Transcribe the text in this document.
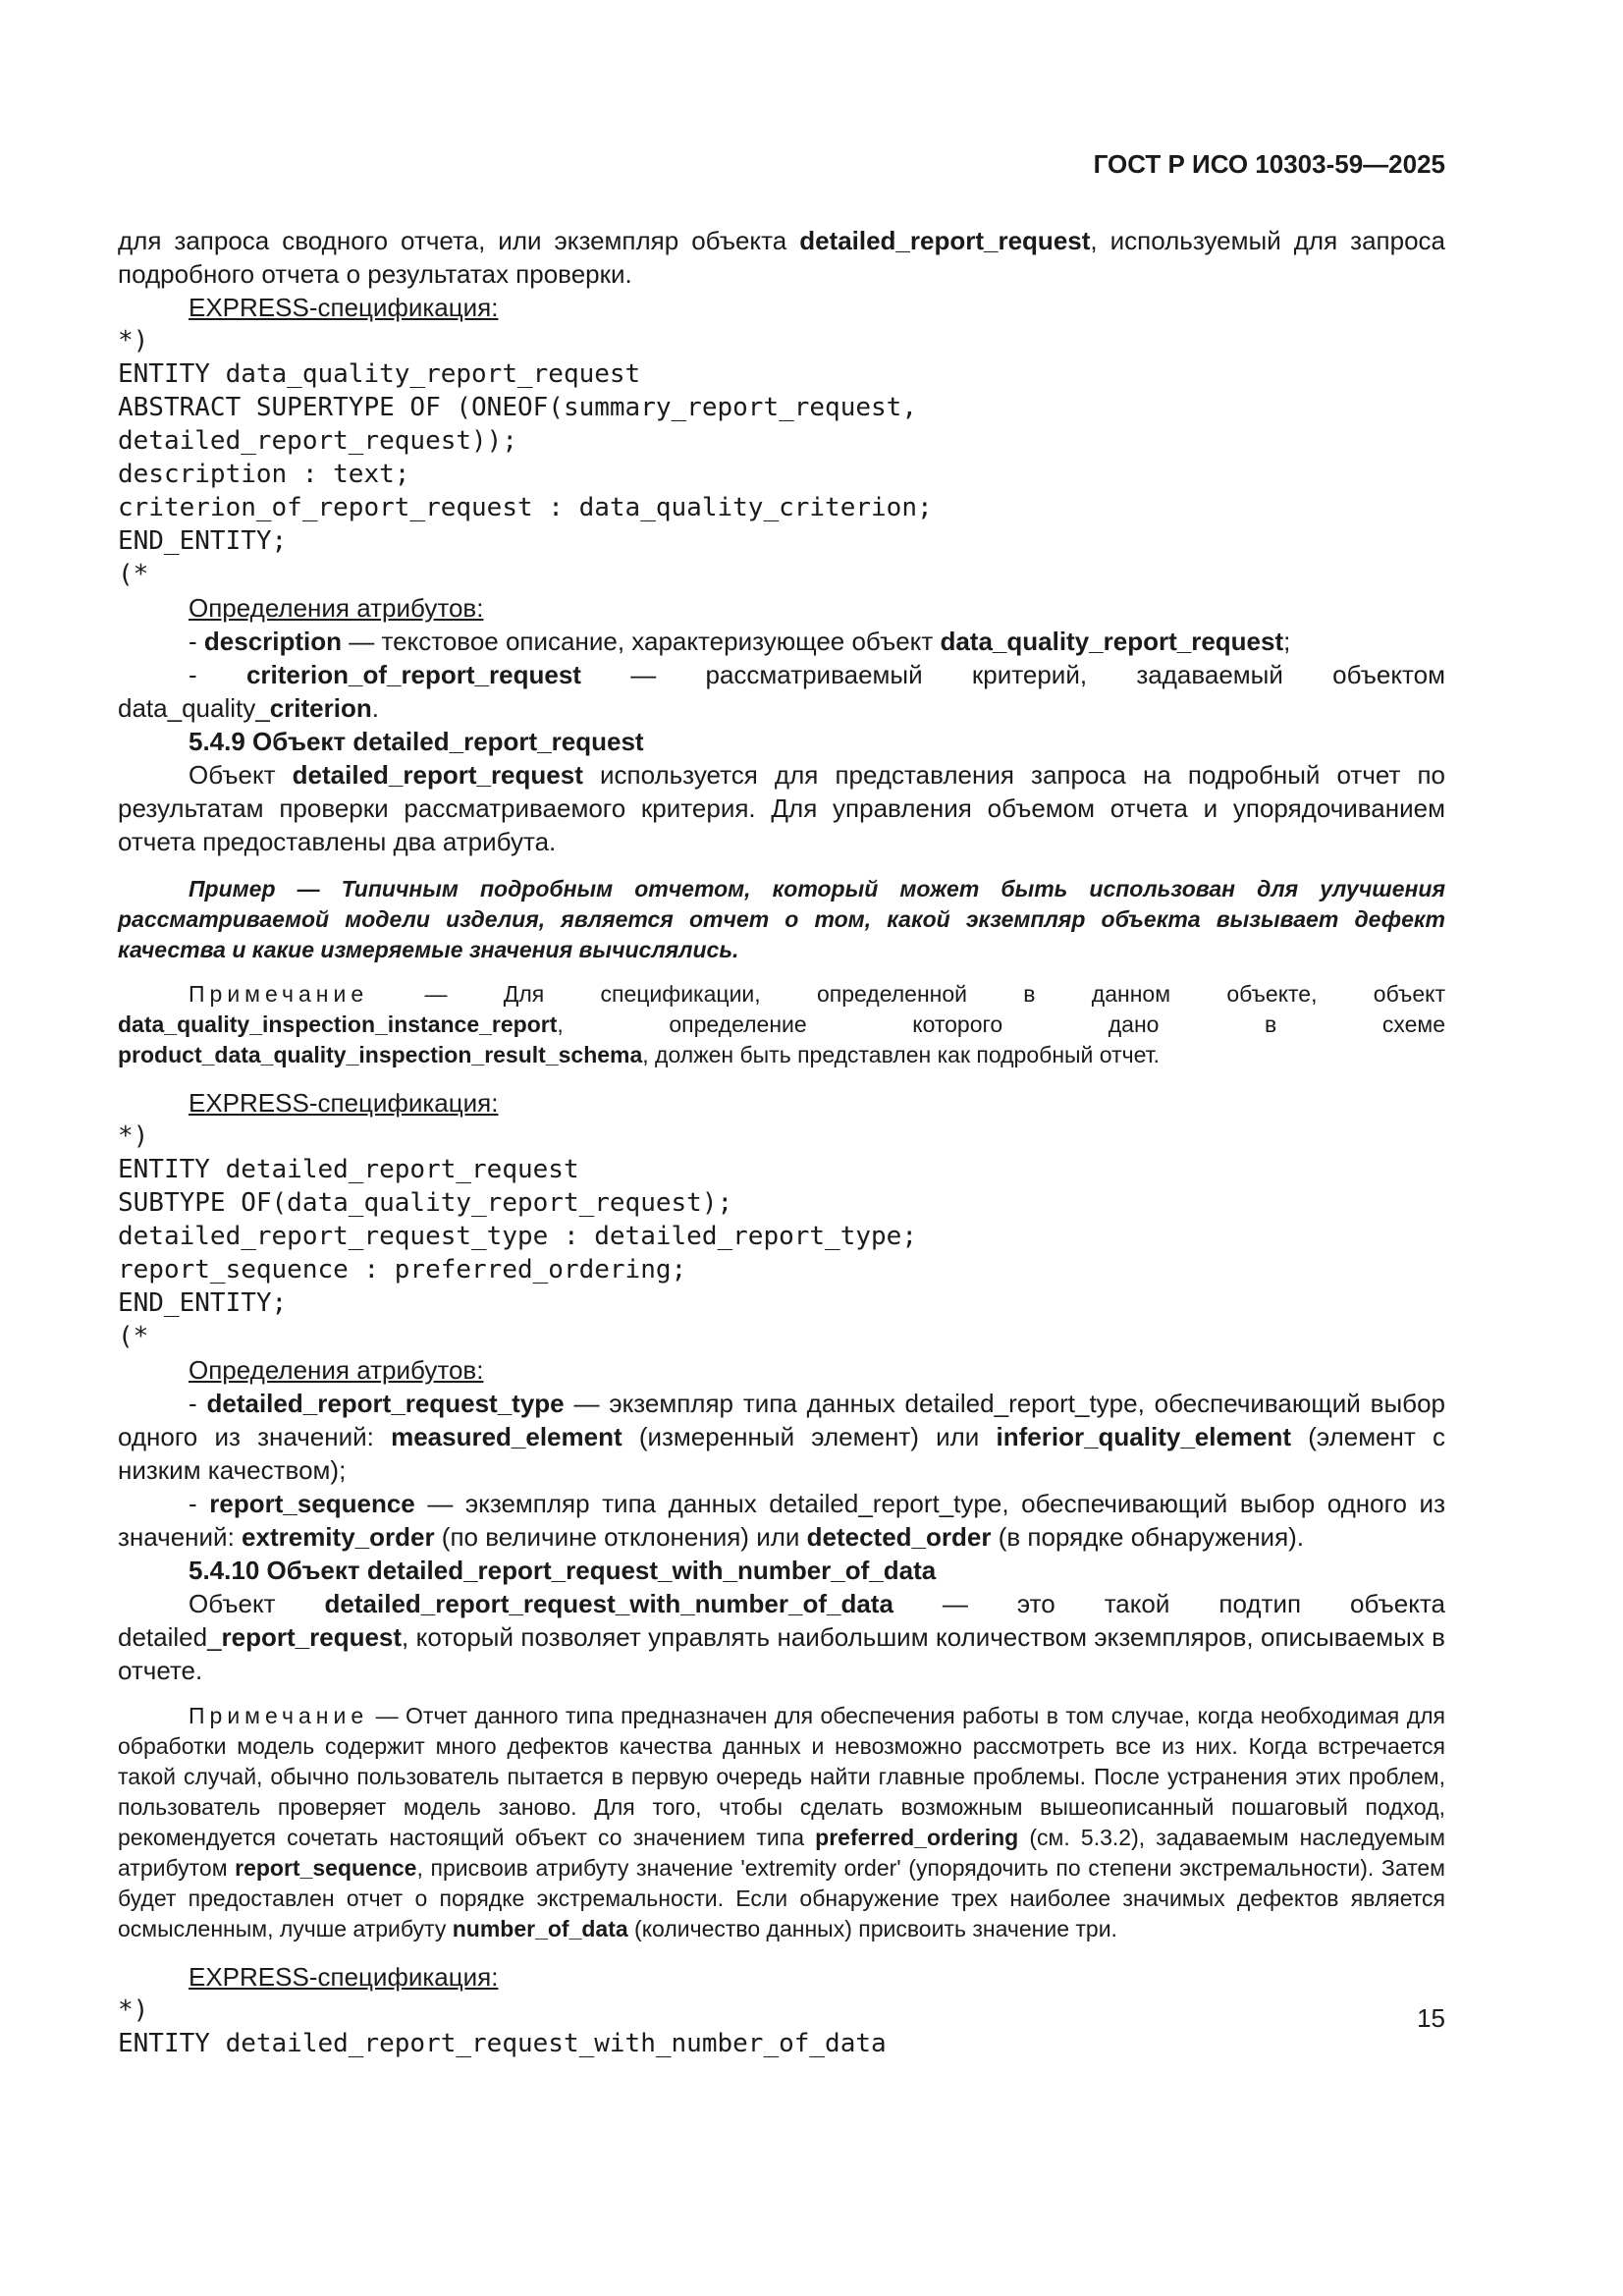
ГОСТ Р ИСО 10303-59—2025

для запроса сводного отчета, или экземпляр объекта detailed_report_request, используемый для запроса подробного отчета о результатах проверки.

EXPRESS-спецификация:

*)
ENTITY data_quality_report_request
ABSTRACT SUPERTYPE OF (ONEOF(summary_report_request,
detailed_report_request));
description : text;
criterion_of_report_request : data_quality_criterion;
END_ENTITY;
(*

Определения атрибутов:

- description — текстовое описание, характеризующее объект data_quality_report_request;

- criterion_of_report_request — рассматриваемый критерий, задаваемый объектом data_quality_criterion.

5.4.9 Объект detailed_report_request

Объект detailed_report_request используется для представления запроса на подробный отчет по результатам проверки рассматриваемого критерия. Для управления объемом отчета и упорядочиванием отчета предоставлены два атрибута.

Пример — Типичным подробным отчетом, который может быть использован для улучшения рассматриваемой модели изделия, является отчет о том, какой экземпляр объекта вызывает дефект качества и какие измеряемые значения вычислялись.

Примечание — Для спецификации, определенной в данном объекте, объект data_quality_inspection_instance_report, определение которого дано в схеме product_data_quality_inspection_result_schema, должен быть представлен как подробный отчет.

EXPRESS-спецификация:

*)
ENTITY detailed_report_request
SUBTYPE OF(data_quality_report_request);
detailed_report_request_type : detailed_report_type;
report_sequence : preferred_ordering;
END_ENTITY;
(*

Определения атрибутов:

- detailed_report_request_type — экземпляр типа данных detailed_report_type, обеспечивающий выбор одного из значений: measured_element (измеренный элемент) или inferior_quality_element (элемент с низким качеством);

- report_sequence — экземпляр типа данных detailed_report_type, обеспечивающий выбор одного из значений: extremity_order (по величине отклонения) или detected_order (в порядке обнаружения).

5.4.10 Объект detailed_report_request_with_number_of_data

Объект detailed_report_request_with_number_of_data — это такой подтип объекта detailed_report_request, который позволяет управлять наибольшим количеством экземпляров, описываемых в отчете.

Примечание — Отчет данного типа предназначен для обеспечения работы в том случае, когда необходимая для обработки модель содержит много дефектов качества данных и невозможно рассмотреть все из них. Когда встречается такой случай, обычно пользователь пытается в первую очередь найти главные проблемы. После устранения этих проблем, пользователь проверяет модель заново. Для того, чтобы сделать возможным вышеописанный пошаговый подход, рекомендуется сочетать настоящий объект со значением типа preferred_ordering (см. 5.3.2), задаваемым наследуемым атрибутом report_sequence, присвоив атрибуту значение 'extremity order' (упорядочить по степени экстремальности). Затем будет предоставлен отчет о порядке экстремальности. Если обнаружение трех наиболее значимых дефектов является осмысленным, лучше атрибуту number_of_data (количество данных) присвоить значение три.

EXPRESS-спецификация:

*)
ENTITY detailed_report_request_with_number_of_data
15
